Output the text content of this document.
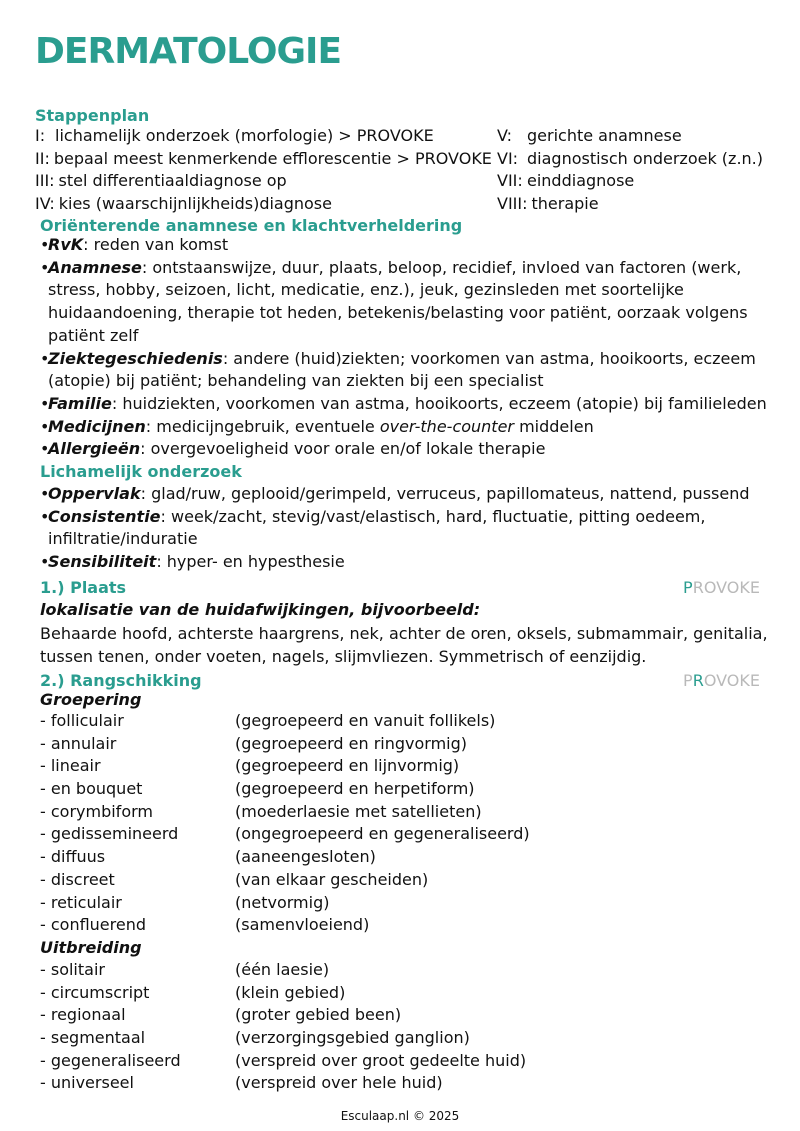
DERMATOLOGIE
Stappenplan
I: lichamelijk onderzoek (morfologie) > PROVOKE
II: bepaal meest kenmerkende efflorescentie > PROVOKE
III: stel differentiaaldiagnose op
IV: kies (waarschijnlijkheids)diagnose
V: gerichte anamnese
VI: diagnostisch onderzoek (z.n.)
VII: einddiagnose
VIII: therapie
Oriënterende anamnese en klachtverheldering
• RvK: reden van komst
• Anamnese: ontstaanswijze, duur, plaats, beloop, recidief, invloed van factoren (werk, stress, hobby, seizoen, licht, medicatie, enz.), jeuk, gezinsleden met soortelijke huidaandoening, therapie tot heden, betekenis/belasting voor patiënt, oorzaak volgens patiënt zelf
• Ziektegeschiedenis: andere (huid)ziekten; voorkomen van astma, hooikoorts, eczeem (atopie) bij patiënt; behandeling van ziekten bij een specialist
• Familie: huidziekten, voorkomen van astma, hooikoorts, eczeem (atopie) bij familieleden
• Medicijnen: medicijngebruik, eventuele over-the-counter middelen
• Allergieën: overgevoeligheid voor orale en/of lokale therapie
Lichamelijk onderzoek
• Oppervlak: glad/ruw, geplooid/gerimpeld, verruceus, papillomateus, nattend, pussend
• Consistentie: week/zacht, stevig/vast/elastisch, hard, fluctuatie, pitting oedeem, infiltratie/induratie
• Sensibiliteit: hyper- en hypesthesie
1.) Plaats	PROVOKE

lokalisatie van de huidafwijkingen, bijvoorbeeld:

Behaarde hoofd, achterste haargrens, nek, achter de oren, oksels, submammair, genitalia, tussen tenen, onder voeten, nagels, slijmvliezen. Symmetrisch of eenzijdig.

2.) Rangschikking	PROVOKE

Groepering

- folliculair	(gegroepeerd en vanuit follikels)
- annulair	(gegroepeerd en ringvormig)
- lineair	(gegroepeerd en lijnvormig)
- en bouquet	(gegroepeerd en herpetiform)
- corymbiform	(moederlaesie met satellieten)
- gedissemineerd	(ongegroepeerd en gegeneraliseerd)
- diffuus	(aaneengesloten)
- discreet	(van elkaar gescheiden)
- reticulair	(netvormig)
- confluerend	(samenvloeiend)

Uitbreiding

- solitair	(één laesie)
- circumscript	(klein gebied)
- regionaal	(groter gebied been)
- segmentaal	(verzorgingsgebied ganglion)
- gegeneraliseerd	(verspreid over groot gedeelte huid)
- universeel	(verspreid over hele huid)
Esculaap.nl © 2025
